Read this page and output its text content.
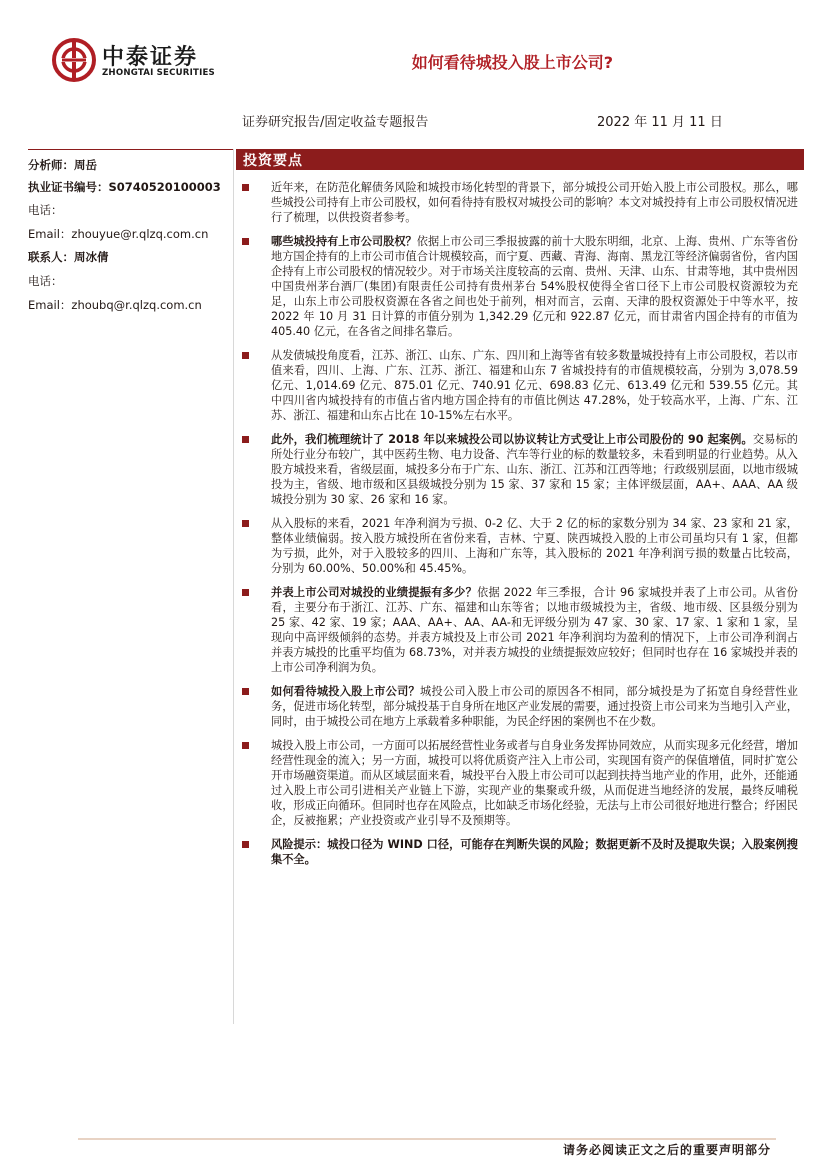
中泰证券
ZHONGTAI SECURITIES
如何看待城投入股上市公司?
证券研究报告/固定收益专题报告	2022 年 11 月 11 日
分析师：周岳
执业证书编号：S0740520100003
电话：
Email：zhouyue@r.qlzq.com.cn
联系人：周冰倩
电话：
Email：zhoubq@r.qlzq.com.cn
投资要点
近年来，在防范化解债务风险和城投市场化转型的背景下，部分城投公司开始入股上市公司股权。那么，哪些城投公司持有上市公司股权，如何看待持有股权对城投公司的影响？本文对城投持有上市公司股权情况进行了梳理，以供投资者参考。
哪些城投持有上市公司股权？依据上市公司三季报披露的前十大股东明细，北京、上海、贵州、广东等省份地方国企持有的上市公司市值合计规模较高，而宁夏、西藏、青海、海南、黑龙江等经济偏弱省份，省内国企持有上市公司股权的情况较少。对于市场关注度较高的云南、贵州、天津、山东、甘肃等地，其中贵州因中国贵州茅台酒厂(集团)有限责任公司持有贵州茅台 54%股权使得全省口径下上市公司股权资源较为充足，山东上市公司股权资源在各省之间也处于前列，相对而言，云南、天津的股权资源处于中等水平，按 2022 年 10 月 31 日计算的市值分别为 1,342.29 亿元和 922.87 亿元，而甘肃省内国企持有的市值为 405.40 亿元，在各省之间排名靠后。
从发债城投角度看，江苏、浙江、山东、广东、四川和上海等省有较多数量城投持有上市公司股权，若以市值来看，四川、上海、广东、江苏、浙江、福建和山东 7 省城投持有的市值规模较高，分别为 3,078.59 亿元、1,014.69 亿元、875.01 亿元、740.91 亿元、698.83 亿元、613.49 亿元和 539.55 亿元。其中四川省内城投持有的市值占省内地方国企持有的市值比例达 47.28%，处于较高水平，上海、广东、江苏、浙江、福建和山东占比在 10-15%左右水平。
此外，我们梳理统计了 2018 年以来城投公司以协议转让方式受让上市公司股份的 90 起案例。交易标的所处行业分布较广，其中医药生物、电力设备、汽车等行业的标的数量较多，未看到明显的行业趋势。从入股方城投来看，省级层面，城投多分布于广东、山东、浙江、江苏和江西等地；行政级别层面，以地市级城投为主，省级、地市级和区县级城投分别为 15 家、37 家和 15 家；主体评级层面，AA+、AAA、AA 级城投分别为 30 家、26 家和 16 家。
从入股标的来看，2021 年净利润为亏损、0-2 亿、大于 2 亿的标的家数分别为 34 家、23 家和 21 家，整体业绩偏弱。按入股方城投所在省份来看，吉林、宁夏、陕西城投入股的上市公司虽均只有 1 家，但都为亏损，此外，对于入股较多的四川、上海和广东等，其入股标的 2021 年净利润亏损的数量占比较高，分别为 60.00%、50.00%和 45.45%。
并表上市公司对城投的业绩提振有多少？依据 2022 年三季报，合计 96 家城投并表了上市公司。从省份看，主要分布于浙江、江苏、广东、福建和山东等省；以地市级城投为主，省级、地市级、区县级分别为 25 家、42 家、19 家；AAA、AA+、AA、AA-和无评级分别为 47 家、30 家、17 家、1 家和 1 家，呈现向中高评级倾斜的态势。并表方城投及上市公司 2021 年净利润均为盈利的情况下，上市公司净利润占并表方城投的比重平均值为 68.73%，对并表方城投的业绩提振效应较好；但同时也存在 16 家城投并表的上市公司净利润为负。
如何看待城投入股上市公司？城投公司入股上市公司的原因各不相同，部分城投是为了拓宽自身经营性业务，促进市场化转型，部分城投基于自身所在地区产业发展的需要，通过投资上市公司来为当地引入产业，同时，由于城投公司在地方上承载着多种职能，为民企纾困的案例也不在少数。
城投入股上市公司，一方面可以拓展经营性业务或者与自身业务发挥协同效应，从而实现多元化经营，增加经营性现金的流入；另一方面，城投可以将优质资产注入上市公司，实现国有资产的保值增值，同时扩宽公开市场融资渠道。而从区域层面来看，城投平台入股上市公司可以起到扶持当地产业的作用，此外，还能通过入股上市公司引进相关产业链上下游，实现产业的集聚或升级，从而促进当地经济的发展，最终反哺税收，形成正向循环。但同时也存在风险点，比如缺乏市场化经验，无法与上市公司很好地进行整合；纾困民企，反被拖累；产业投资或产业引导不及预期等。
风险提示：城投口径为 WIND 口径，可能存在判断失误的风险；数据更新不及时及提取失误；入股案例搜集不全。
请务必阅读正文之后的重要声明部分
